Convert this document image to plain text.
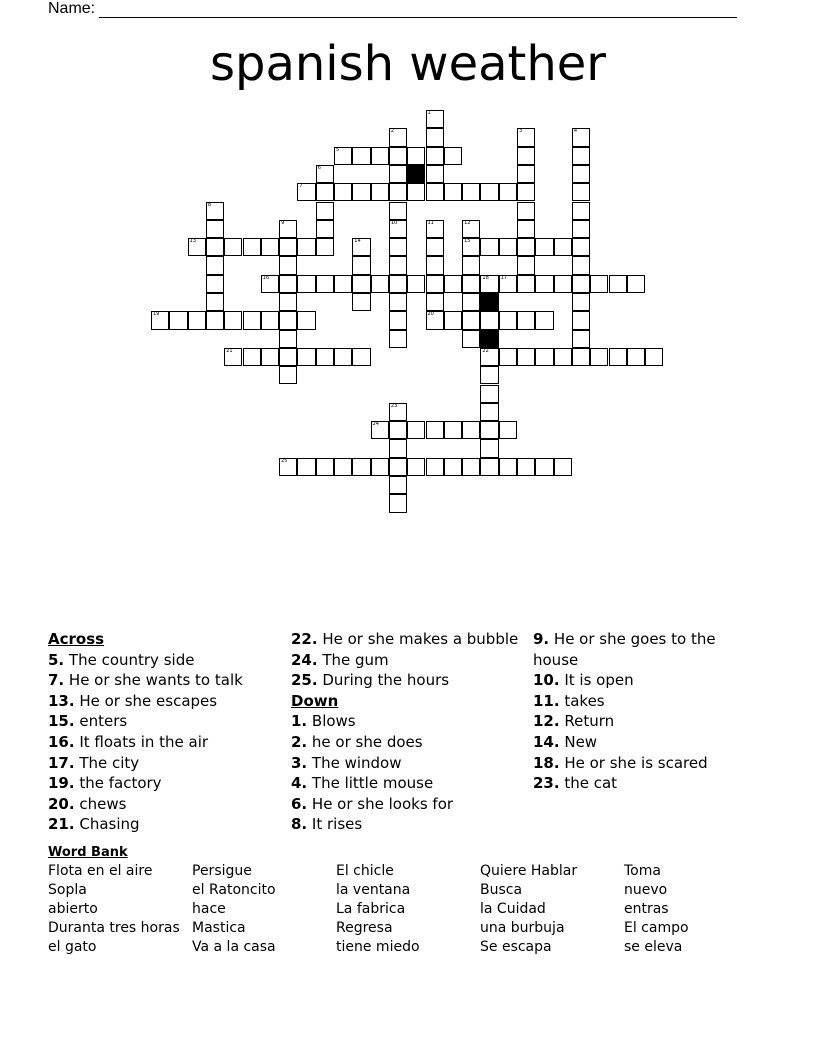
Name:
spanish weather
1
2	3	4
5
6
7
8
9	10	11	12
15
13	14
16	18 17
19	20
21	22
23
24
25
Across
5. The country side
7. He or she wants to talk
13. He or she escapes
15. enters
16. It floats in the air
17. The city
19. the factory
20. chews
21. Chasing
22. He or she makes a bubble
24. The gum
25. During the hours
Down
1. Blows
2. he or she does
3. The window
4. The little mouse
6. He or she looks for
8. It rises
9. He or she goes to the house
10. It is open
11. takes
12. Return
14. New
18. He or she is scared
23. the cat
Word Bank
Flota en el aire
Sopla
abierto
Duranta tres horas
el gato
Persigue
el Ratoncito
hace
Mastica
Va a la casa
El chicle
la ventana
La fabrica
Regresa
tiene miedo
Quiere Hablar
Busca
la Cuidad
una burbuja
Se escapa
Toma
nuevo
entras
El campo
se eleva
